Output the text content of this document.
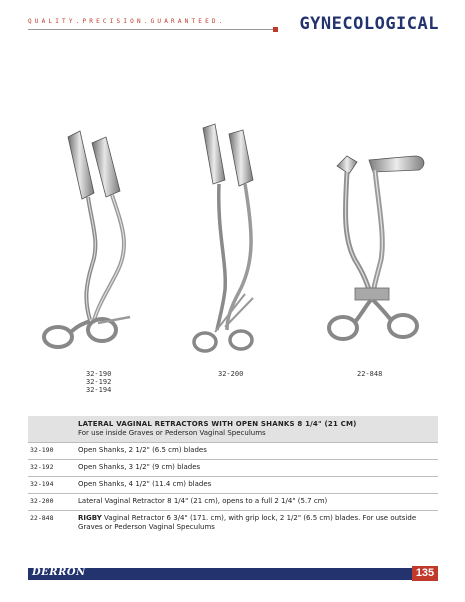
QUALITY.PRECISION.GUARANTEED.	GYNECOLOGICAL
32-190
32-192
32-194
32-200	22-848

	LATERAL VAGINAL RETRACTORS WITH OPEN SHANKS 8 1/4" (21 CM)
For use inside Graves or Pederson Vaginal Speculums

32-190	Open Shanks, 2 1/2" (6.5 cm) blades
32-192	Open Shanks, 3 1/2" (9 cm) blades
32-194	Open Shanks, 4 1/2" (11.4 cm) blades
32-200	Lateral Vaginal Retractor 8 1/4" (21 cm), opens to a full 2 1/4" (5.7 cm)
22-848	RIGBY Vaginal Retractor 6 3/4" (171. cm), with grip lock, 2 1/2" (6.5 cm) blades. For use outside Graves or Pederson Vaginal Speculums
DERRON	135
